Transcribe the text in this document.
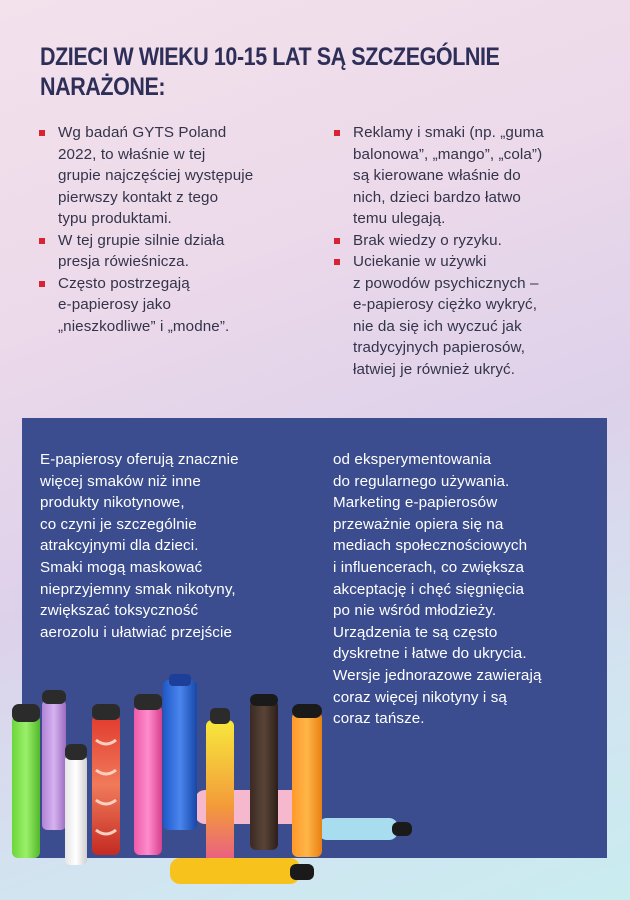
DZIECI W WIEKU 10-15 LAT SĄ SZCZEGÓLNIE
NARAŻONE:
Wg badań GYTS Poland
2022, to właśnie w tej
grupie najczęściej występuje
pierwszy kontakt z tego
typu produktami.
W tej grupie silnie działa
presja rówieśnicza.
Często postrzegają
e-papierosy jako
„nieszkodliwe” i „modne”.
Reklamy i smaki (np. „guma
balonowa”, „mango”, „cola”)
są kierowane właśnie do
nich, dzieci bardzo łatwo
temu ulegają.
Brak wiedzy o ryzyku.
Uciekanie w używki
z powodów psychicznych –
e-papierosy ciężko wykryć,
nie da się ich wyczuć jak
tradycyjnych papierosów,
łatwiej je również ukryć.
E-papierosy oferują znacznie
więcej smaków niż inne
produkty nikotynowe,
co czyni je szczególnie
atrakcyjnymi dla dzieci.
Smaki mogą maskować
nieprzyjemny smak nikotyny,
zwiększać toksyczność
aerozolu i ułatwiać przejście
od eksperymentowania
do regularnego używania.
Marketing e-papierosów
przeważnie opiera się na
mediach społecznościowych
i influencerach, co zwiększa
akceptację i chęć sięgnięcia
po nie wśród młodzieży.
Urządzenia te są często
dyskretne i łatwe do ukrycia.
Wersje jednorazowe zawierają
coraz więcej nikotyny i są
coraz tańsze.
